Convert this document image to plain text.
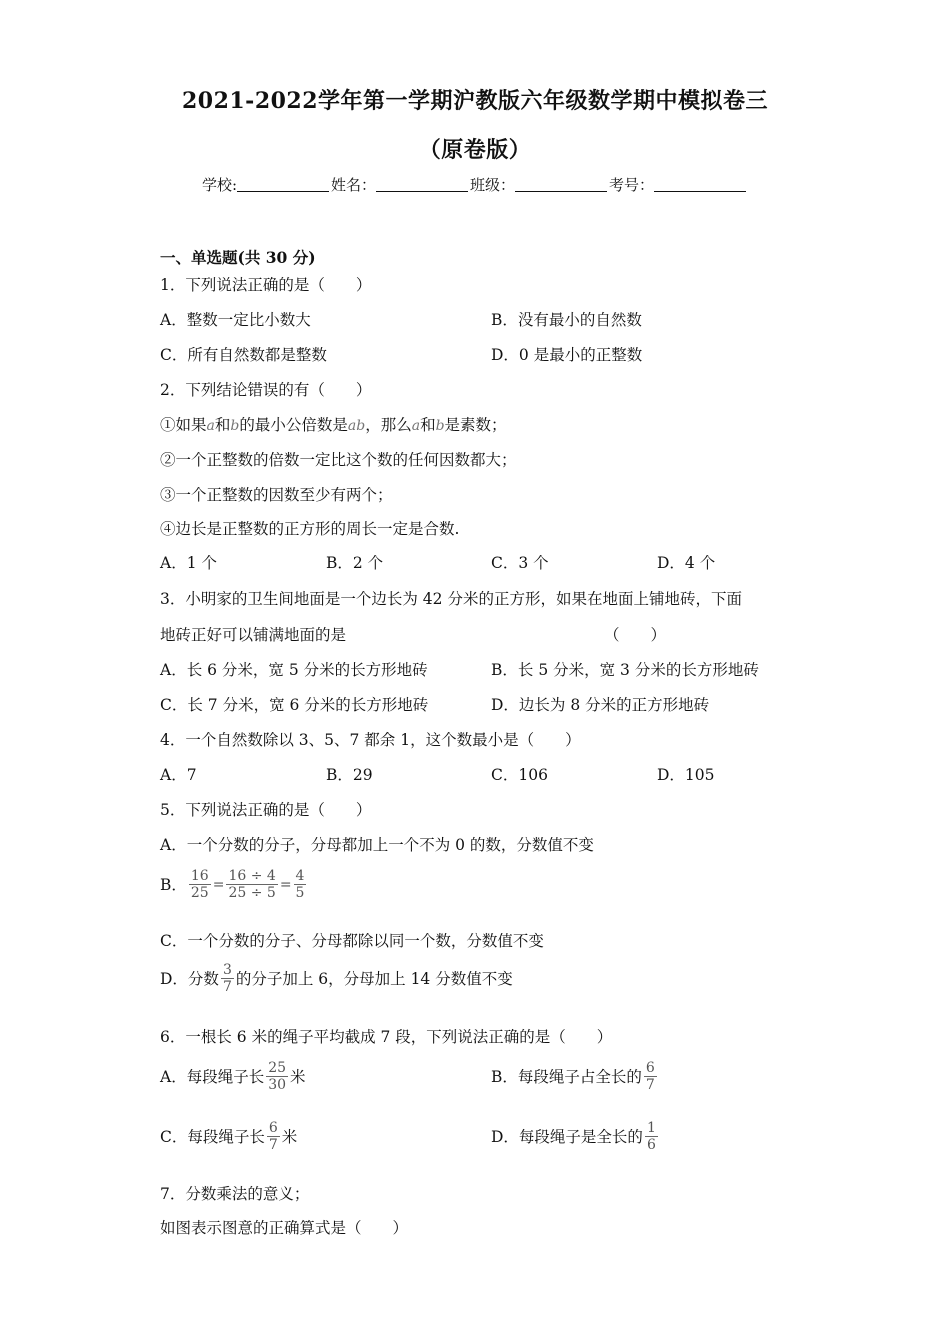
2021-2022学年第一学期沪教版六年级数学期中模拟卷三
（原卷版）
学校:	姓名：	班级：	考号：
一、单选题(共 30 分)
1．下列说法正确的是（　　）
A．整数一定比小数大	B．没有最小的自然数
C．所有自然数都是整数	D．0 是最小的正整数
2．下列结论错误的有（　　）
①如果a和b的最小公倍数是ab，那么a和b是素数；
②一个正整数的倍数一定比这个数的任何因数都大；
③一个正整数的因数至少有两个；
④边长是正整数的正方形的周长一定是合数.
A．1 个	B．2 个	C．3 个	D．4 个
3．小明家的卫生间地面是一个边长为 42 分米的正方形，如果在地面上铺地砖，下面
地砖正好可以铺满地面的是	（　　）
A．长 6 分米，宽 5 分米的长方形地砖	B．长 5 分米，宽 3 分米的长方形地砖
C．长 7 分米，宽 6 分米的长方形地砖	D．边长为 8 分米的正方形地砖
4．一个自然数除以 3、5、7 都余 1，这个数最小是（　　）
A．7	B．29	C．106	D．105
5．下列说法正确的是（　　）
A．一个分数的分子，分母都加上一个不为 0 的数，分数值不变
B． $\frac{16}{25} = \frac{16 \div 4}{25 \div 5} = \frac{4}{5}$
C．一个分数的分子、分母都除以同一个数，分数值不变
D．分数 $\frac{3}{7}$ 的分子加上 6，分母加上 14 分数值不变
6．一根长 6 米的绳子平均截成 7 段，下列说法正确的是（　　）
A．每段绳子长 $\frac{25}{30}$ 米	B．每段绳子占全长的 $\frac{6}{7}$
C．每段绳子长 $\frac{6}{7}$ 米	D．每段绳子是全长的 $\frac{1}{6}$
7．分数乘法的意义；
如图表示图意的正确算式是（　　）
